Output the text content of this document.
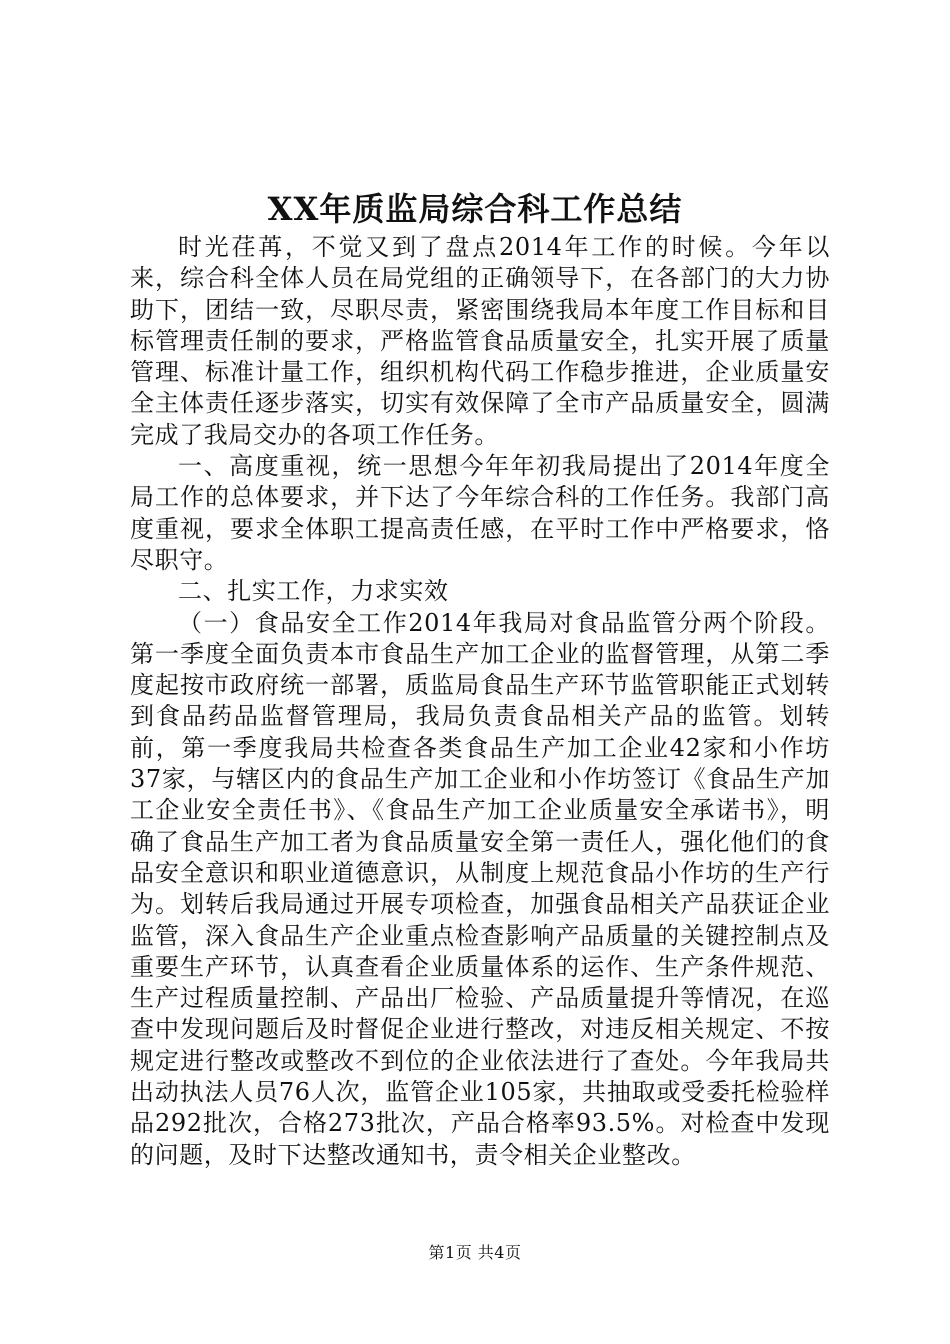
XX年质监局综合科工作总结

时光荏苒，不觉又到了盘点2014年工作的时候。今年以来，综合科全体人员在局党组的正确领导下，在各部门的大力协助下，团结一致，尽职尽责，紧密围绕我局本年度工作目标和目标管理责任制的要求，严格监管食品质量安全，扎实开展了质量管理、标准计量工作，组织机构代码工作稳步推进，企业质量安全主体责任逐步落实，切实有效保障了全市产品质量安全，圆满完成了我局交办的各项工作任务。

一、高度重视，统一思想今年年初我局提出了2014年度全局工作的总体要求，并下达了今年综合科的工作任务。我部门高度重视，要求全体职工提高责任感，在平时工作中严格要求，恪尽职守。

二、扎实工作，力求实效

（一）食品安全工作2014年我局对食品监管分两个阶段。第一季度全面负责本市食品生产加工企业的监督管理，从第二季度起按市政府统一部署，质监局食品生产环节监管职能正式划转到食品药品监督管理局，我局负责食品相关产品的监管。划转前，第一季度我局共检查各类食品生产加工企业42家和小作坊37家，与辖区内的食品生产加工企业和小作坊签订《食品生产加工企业安全责任书》、《食品生产加工企业质量安全承诺书》，明确了食品生产加工者为食品质量安全第一责任人，强化他们的食品安全意识和职业道德意识，从制度上规范食品小作坊的生产行为。划转后我局通过开展专项检查，加强食品相关产品获证企业监管，深入食品生产企业重点检查影响产品质量的关键控制点及重要生产环节，认真查看企业质量体系的运作、生产条件规范、生产过程质量控制、产品出厂检验、产品质量提升等情况，在巡查中发现问题后及时督促企业进行整改，对违反相关规定、不按规定进行整改或整改不到位的企业依法进行了查处。今年我局共出动执法人员76人次，监管企业105家，共抽取或受委托检验样品292批次，合格273批次，产品合格率93.5%。对检查中发现的问题，及时下达整改通知书，责令相关企业整改。

第1页 共4页
